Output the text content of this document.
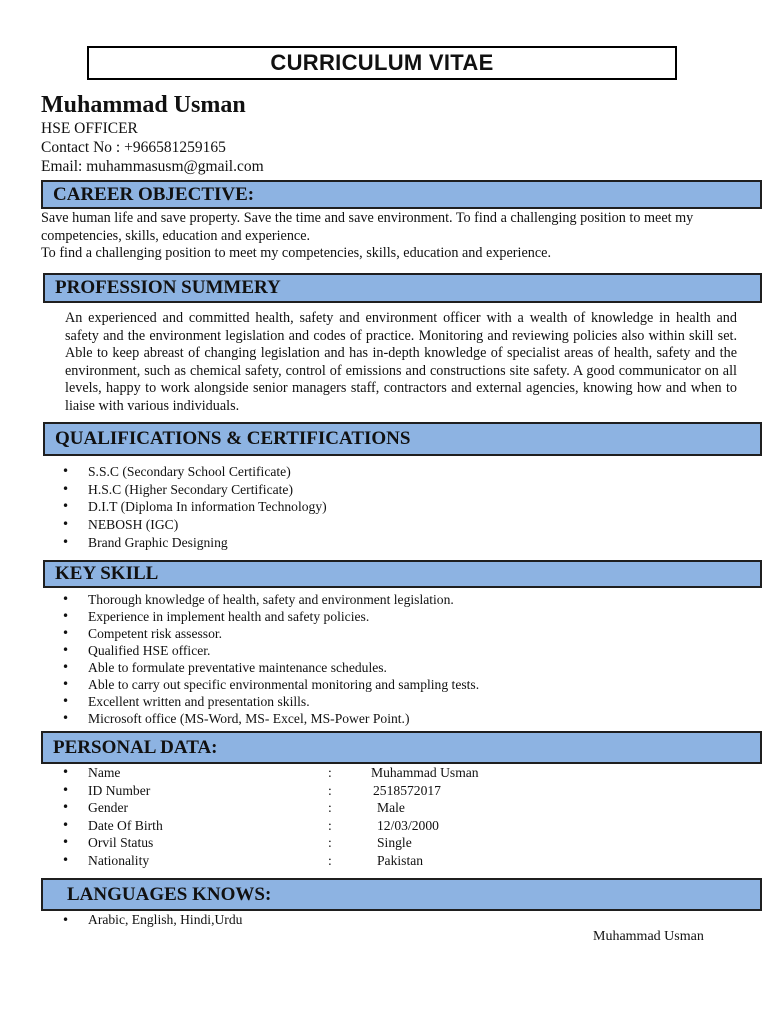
CURRICULUM VITAE
Muhammad Usman
HSE OFFICER
Contact No : +966581259165
Email: muhammasusm@gmail.com
CAREER OBJECTIVE:

Save human life and save property. Save the time and save environment. To find a challenging position to meet my competencies, skills, education and experience.

To find a challenging position to meet my competencies, skills, education and experience.

PROFESSION SUMMERY

An experienced and committed health, safety and environment officer with a wealth of knowledge in health and safety and the environment legislation and codes of practice. Monitoring and reviewing policies also within skill set. Able to keep abreast of changing legislation and has in-depth knowledge of specialist areas of health, safety and the environment, such as chemical safety, control of emissions and constructions site safety. A good communicator on all levels, happy to work alongside senior managers staff, contractors and external agencies, knowing how and when to liaise with various individuals.

QUALIFICATIONS & CERTIFICATIONS
• S.S.C (Secondary School Certificate)
• H.S.C (Higher Secondary Certificate)
• D.I.T (Diploma In information Technology)
• NEBOSH (IGC)
• Brand Graphic Designing
KEY SKILL
• Thorough knowledge of health, safety and environment legislation.
• Experience in implement health and safety policies.
• Competent risk assessor.
• Qualified HSE officer.
• Able to formulate preventative maintenance schedules.
• Able to carry out specific environmental monitoring and sampling tests.
• Excellent written and presentation skills.
• Microsoft office (MS-Word, MS- Excel, MS-Power Point.)
PERSONAL DATA:
• Name	:	Muhammad Usman
• ID Number	:	2518572017
• Gender	:	Male
• Date Of Birth	:	12/03/2000
• Orvil Status	:	Single
• Nationality	:	Pakistan
LANGUAGES KNOWS:
• Arabic, English, Hindi,Urdu
Muhammad Usman
